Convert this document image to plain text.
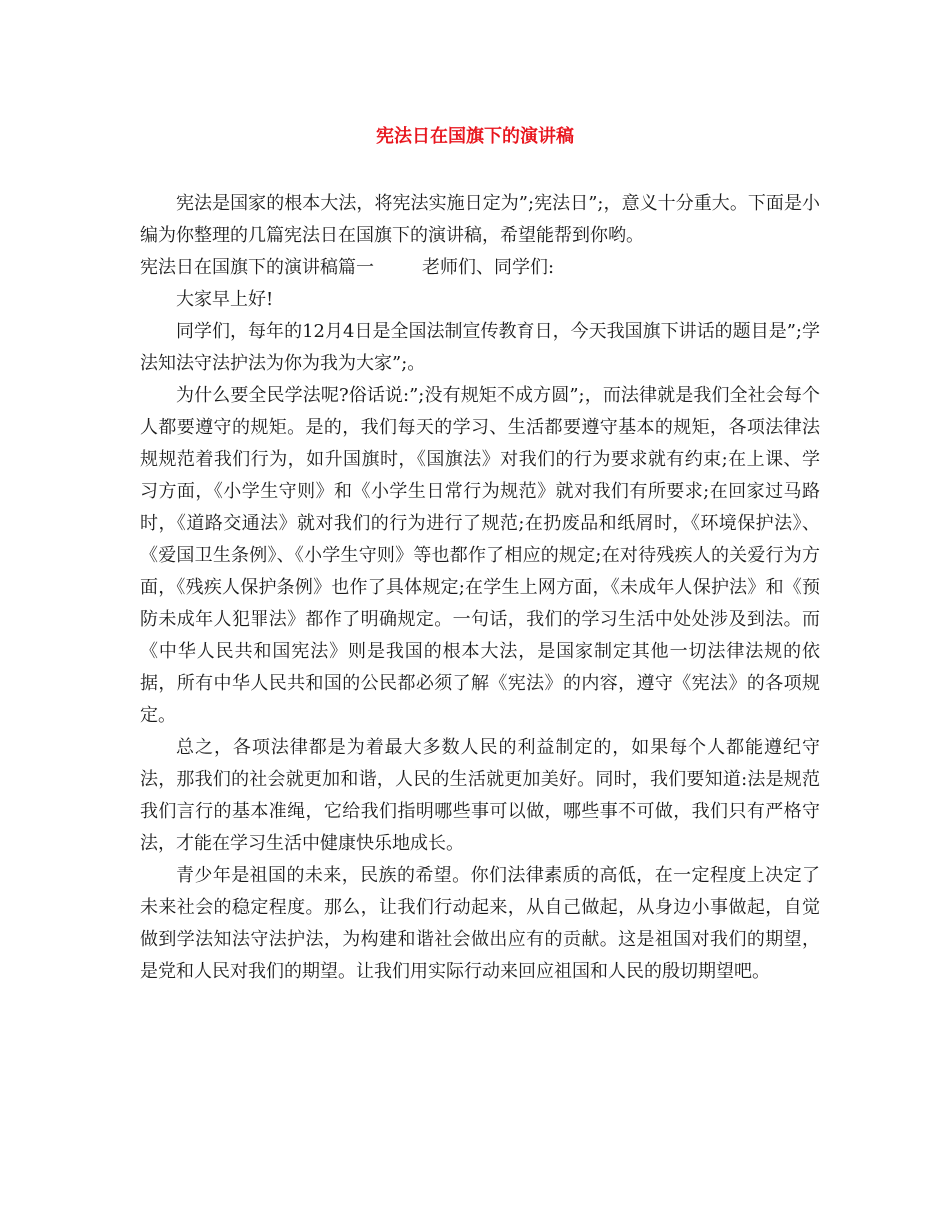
宪法日在国旗下的演讲稿

宪法是国家的根本大法，将宪法实施日定为”;宪法日”;，意义十分重大。下面是小编为你整理的几篇宪法日在国旗下的演讲稿，希望能帮到你哟。

宪法日在国旗下的演讲稿篇一	老师们、同学们:

大家早上好!

同学们，每年的12月4日是全国法制宣传教育日，今天我国旗下讲话的题目是”;学法知法守法护法为你为我为大家”;。

为什么要全民学法呢?俗话说:”;没有规矩不成方圆”;，而法律就是我们全社会每个人都要遵守的规矩。是的，我们每天的学习、生活都要遵守基本的规矩，各项法律法规规范着我们行为，如升国旗时，《国旗法》对我们的行为要求就有约束;在上课、学习方面，《小学生守则》和《小学生日常行为规范》就对我们有所要求;在回家过马路时，《道路交通法》就对我们的行为进行了规范;在扔废品和纸屑时，《环境保护法》、《爱国卫生条例》、《小学生守则》等也都作了相应的规定;在对待残疾人的关爱行为方面，《残疾人保护条例》也作了具体规定;在学生上网方面，《未成年人保护法》和《预防未成年人犯罪法》都作了明确规定。一句话，我们的学习生活中处处涉及到法。而《中华人民共和国宪法》则是我国的根本大法，是国家制定其他一切法律法规的依据，所有中华人民共和国的公民都必须了解《宪法》的内容，遵守《宪法》的各项规定。

总之，各项法律都是为着最大多数人民的利益制定的，如果每个人都能遵纪守法，那我们的社会就更加和谐，人民的生活就更加美好。同时，我们要知道:法是规范我们言行的基本准绳，它给我们指明哪些事可以做，哪些事不可做，我们只有严格守法，才能在学习生活中健康快乐地成长。

青少年是祖国的未来，民族的希望。你们法律素质的高低，在一定程度上决定了未来社会的稳定程度。那么，让我们行动起来，从自己做起，从身边小事做起，自觉做到学法知法守法护法，为构建和谐社会做出应有的贡献。这是祖国对我们的期望，是党和人民对我们的期望。让我们用实际行动来回应祖国和人民的殷切期望吧。
